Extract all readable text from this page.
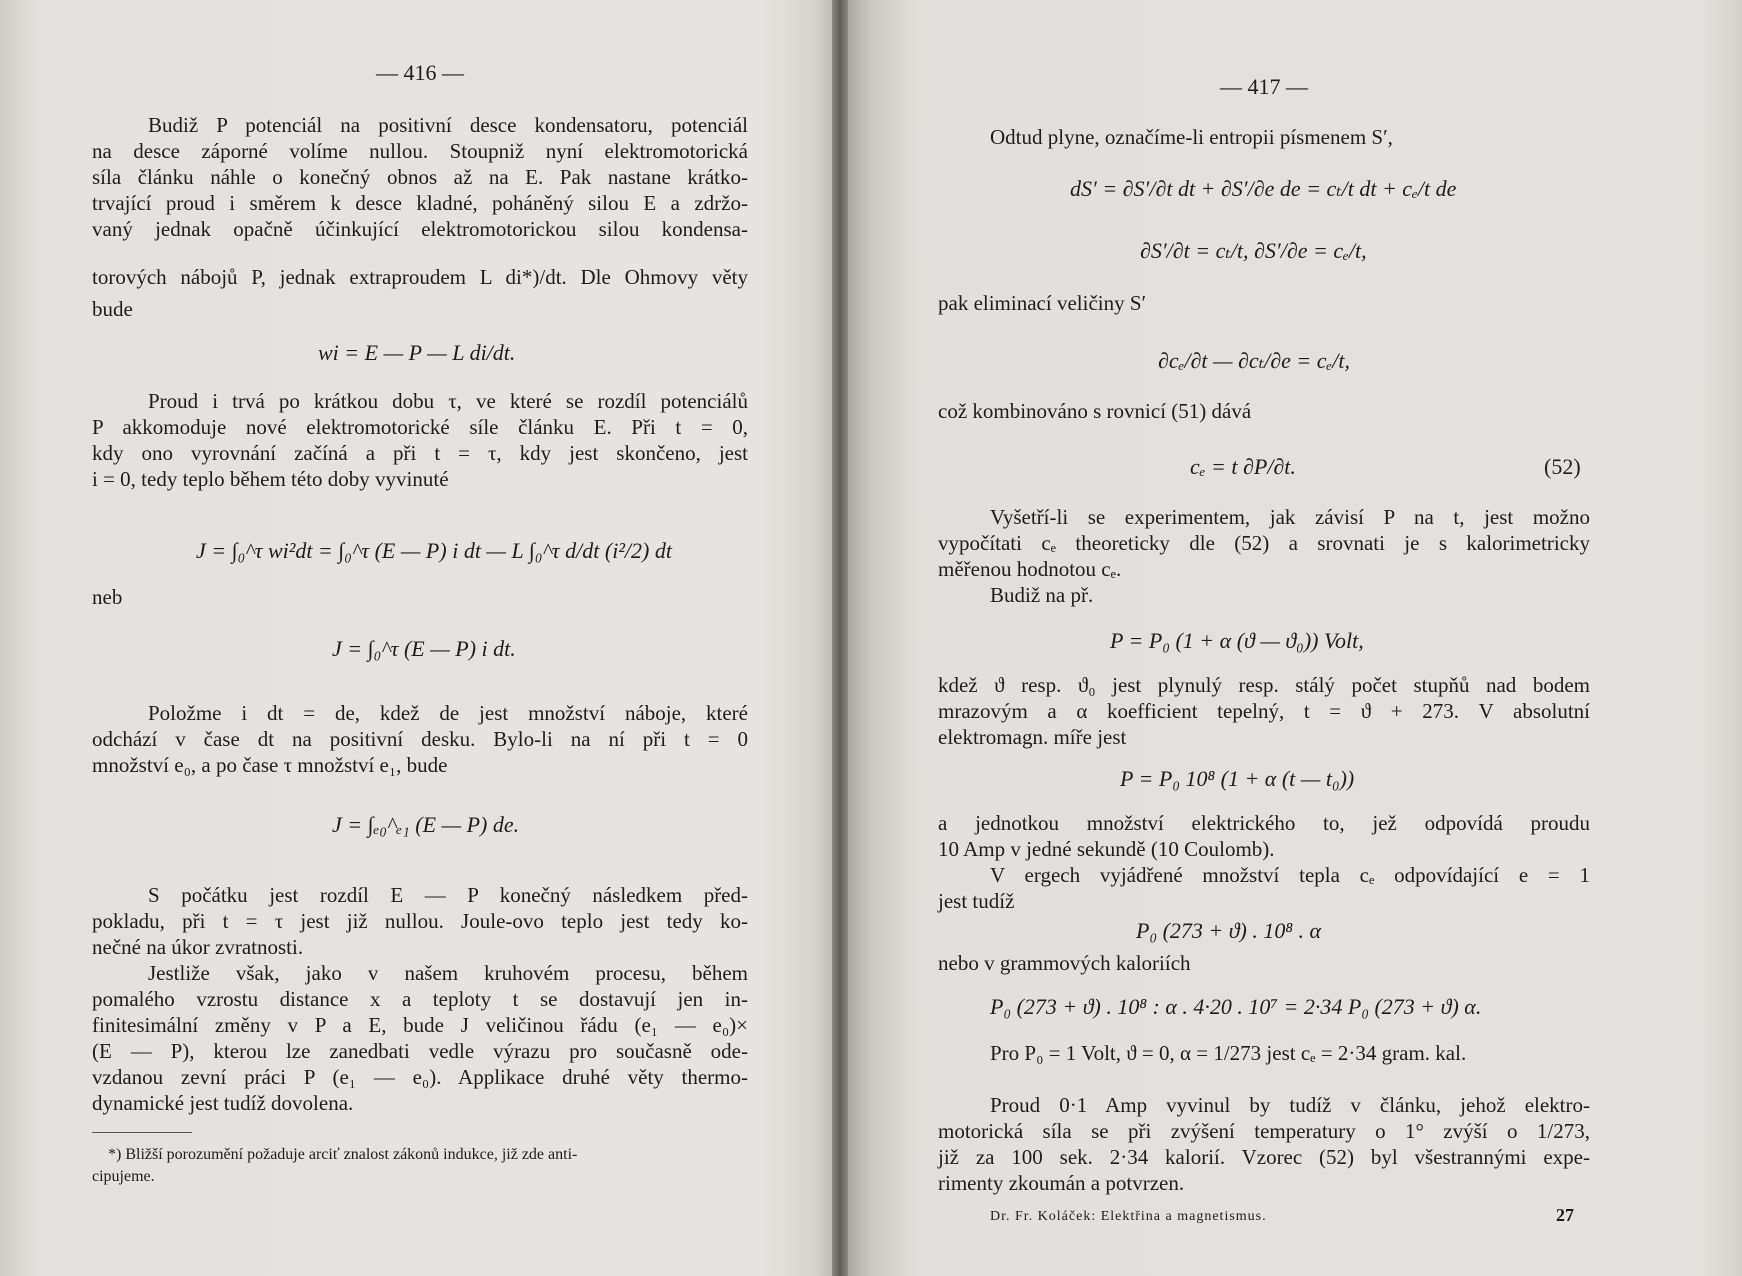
— 416 —
Budiž P potenciál na positivní desce kondensatoru, potenciál
na desce záporné volíme nullou. Stoupniž nyní elektromotorická
síla článku náhle o konečný obnos až na E. Pak nastane krátko-
trvající proud i směrem k desce kladné, poháněný silou E a zdržo-
vaný jednak opačně účinkující elektromotorickou silou kondensa-
torových nábojů P, jednak extraproudem L di*)/dt. Dle Ohmovy věty
bude
wi = E — P — L di/dt.
Proud i trvá po krátkou dobu τ, ve které se rozdíl potenciálů
P akkomoduje nové elektromotorické síle článku E. Při t = 0,
kdy ono vyrovnání začíná a při t = τ, kdy jest skončeno, jest
i = 0, tedy teplo během této doby vyvinuté
J = ∫₀^τ wi²dt = ∫₀^τ (E — P) i dt — L ∫₀^τ d/dt (i²/2) dt
neb
J = ∫₀^τ (E — P) i dt.
Položme i dt = de, kdež de jest množství náboje, které
odchází v čase dt na positivní desku. Bylo-li na ní při t = 0
množství e₀, a po čase τ množství e₁, bude
J = ∫ₑ₀^ₑ₁ (E — P) de.
S počátku jest rozdíl E — P konečný následkem před-
pokladu, při t = τ jest již nullou. Joule-ovo teplo jest tedy ko-
nečné na úkor zvratnosti.
Jestliže však, jako v našem kruhovém procesu, během
pomalého vzrostu distance x a teploty t se dostavují jen in-
finitesimální změny v P a E, bude J veličinou řádu (e₁ — e₀)×
(E — P), kterou lze zanedbati vedle výrazu pro současně ode-
vzdanou zevní práci P (e₁ — e₀). Applikace druhé věty thermo-
dynamické jest tudíž dovolena.
*) Bližší porozumění požaduje arciť znalost zákonů indukce, již zde anti-
cipujeme.
— 417 —
Odtud plyne, označíme-li entropii písmenem S′,
dS′ = ∂S′/∂t dt + ∂S′/∂e de = cₜ/t dt + cₑ/t de
∂S′/∂t = cₜ/t, ∂S′/∂e = cₑ/t,
pak eliminací veličiny S′
∂cₑ/∂t — ∂cₜ/∂e = cₑ/t,
což kombinováno s rovnicí (51) dává
cₑ = t ∂P/∂t.	(52)
Vyšetří-li se experimentem, jak závisí P na t, jest možno
vypočítati cₑ theoreticky dle (52) a srovnati je s kalorimetricky
měřenou hodnotou cₑ.
Budiž na př.
P = P₀ (1 + α (ϑ — ϑ₀)) Volt,
kdež ϑ resp. ϑ₀ jest plynulý resp. stálý počet stupňů nad bodem
mrazovým a α koefficient tepelný, t = ϑ + 273. V absolutní
elektromagn. míře jest
P = P₀ 10⁸ (1 + α (t — t₀))
a jednotkou množství elektrického to, jež odpovídá proudu
10 Amp v jedné sekundě (10 Coulomb).
V ergech vyjádřené množství tepla cₑ odpovídající e = 1
jest tudíž
P₀ (273 + ϑ) . 10⁸ . α
nebo v grammových kaloriích
P₀ (273 + ϑ) . 10⁸ : α . 4·20 . 10⁷ = 2·34 P₀ (273 + ϑ) α.
Pro P₀ = 1 Volt, ϑ = 0, α = 1/273 jest cₑ = 2·34 gram. kal.
Proud 0·1 Amp vyvinul by tudíž v článku, jehož elektro-
motorická síla se při zvýšení temperatury o 1° zvýší o 1/273,
již za 100 sek. 2·34 kalorií. Vzorec (52) byl všestrannými expe-
rimenty zkoumán a potvrzen.
Dr. Fr. Koláček: Elektřina a magnetismus.	27
